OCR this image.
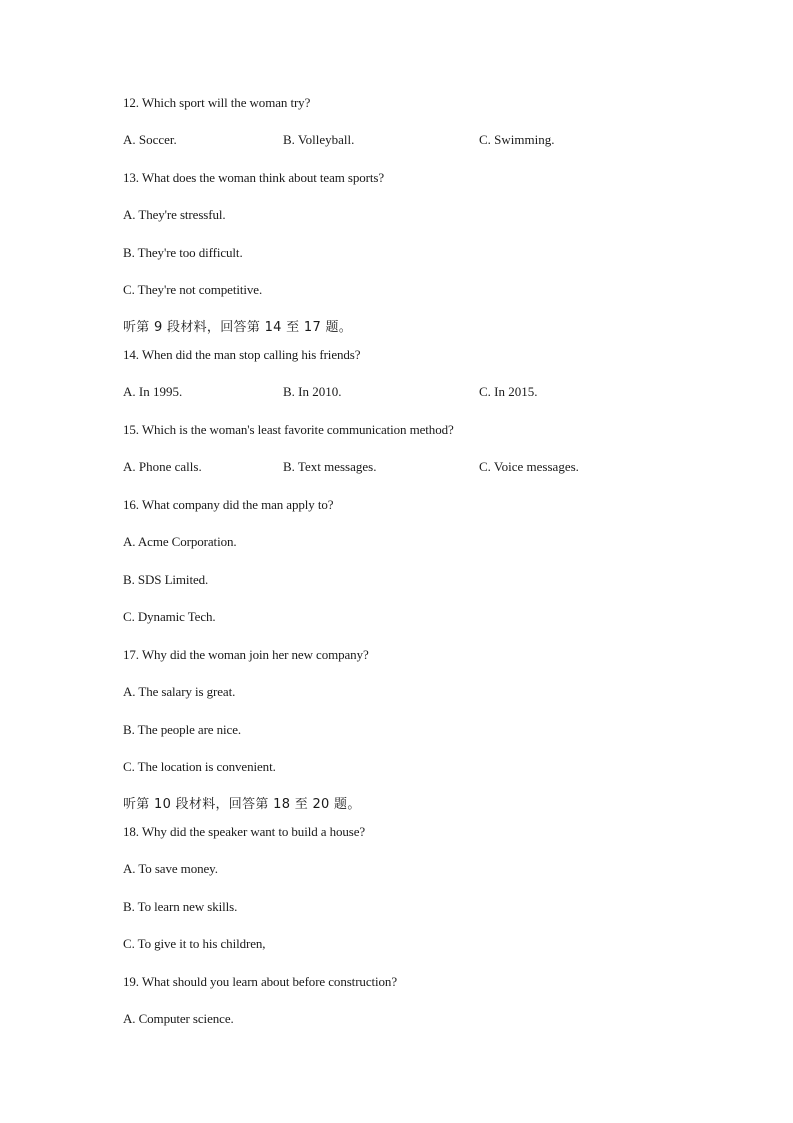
12. Which sport will the woman try?
A. Soccer.	B. Volleyball.	C. Swimming.
13. What does the woman think about team sports?
A. They're stressful.
B. They're too difficult.
C. They're not competitive.
听第 9 段材料，回答第 14 至 17 题。
14. When did the man stop calling his friends?
A. In 1995.	B. In 2010.	C. In 2015.
15. Which is the woman's least favorite communication method?
A. Phone calls.	B. Text messages.	C. Voice messages.
16. What company did the man apply to?
A. Acme Corporation.
B. SDS Limited.
C. Dynamic Tech.
17. Why did the woman join her new company?
A. The salary is great.
B. The people are nice.
C. The location is convenient.
听第 10 段材料，回答第 18 至 20 题。
18. Why did the speaker want to build a house?
A. To save money.
B. To learn new skills.
C. To give it to his children,
19. What should you learn about before construction?
A. Computer science.
